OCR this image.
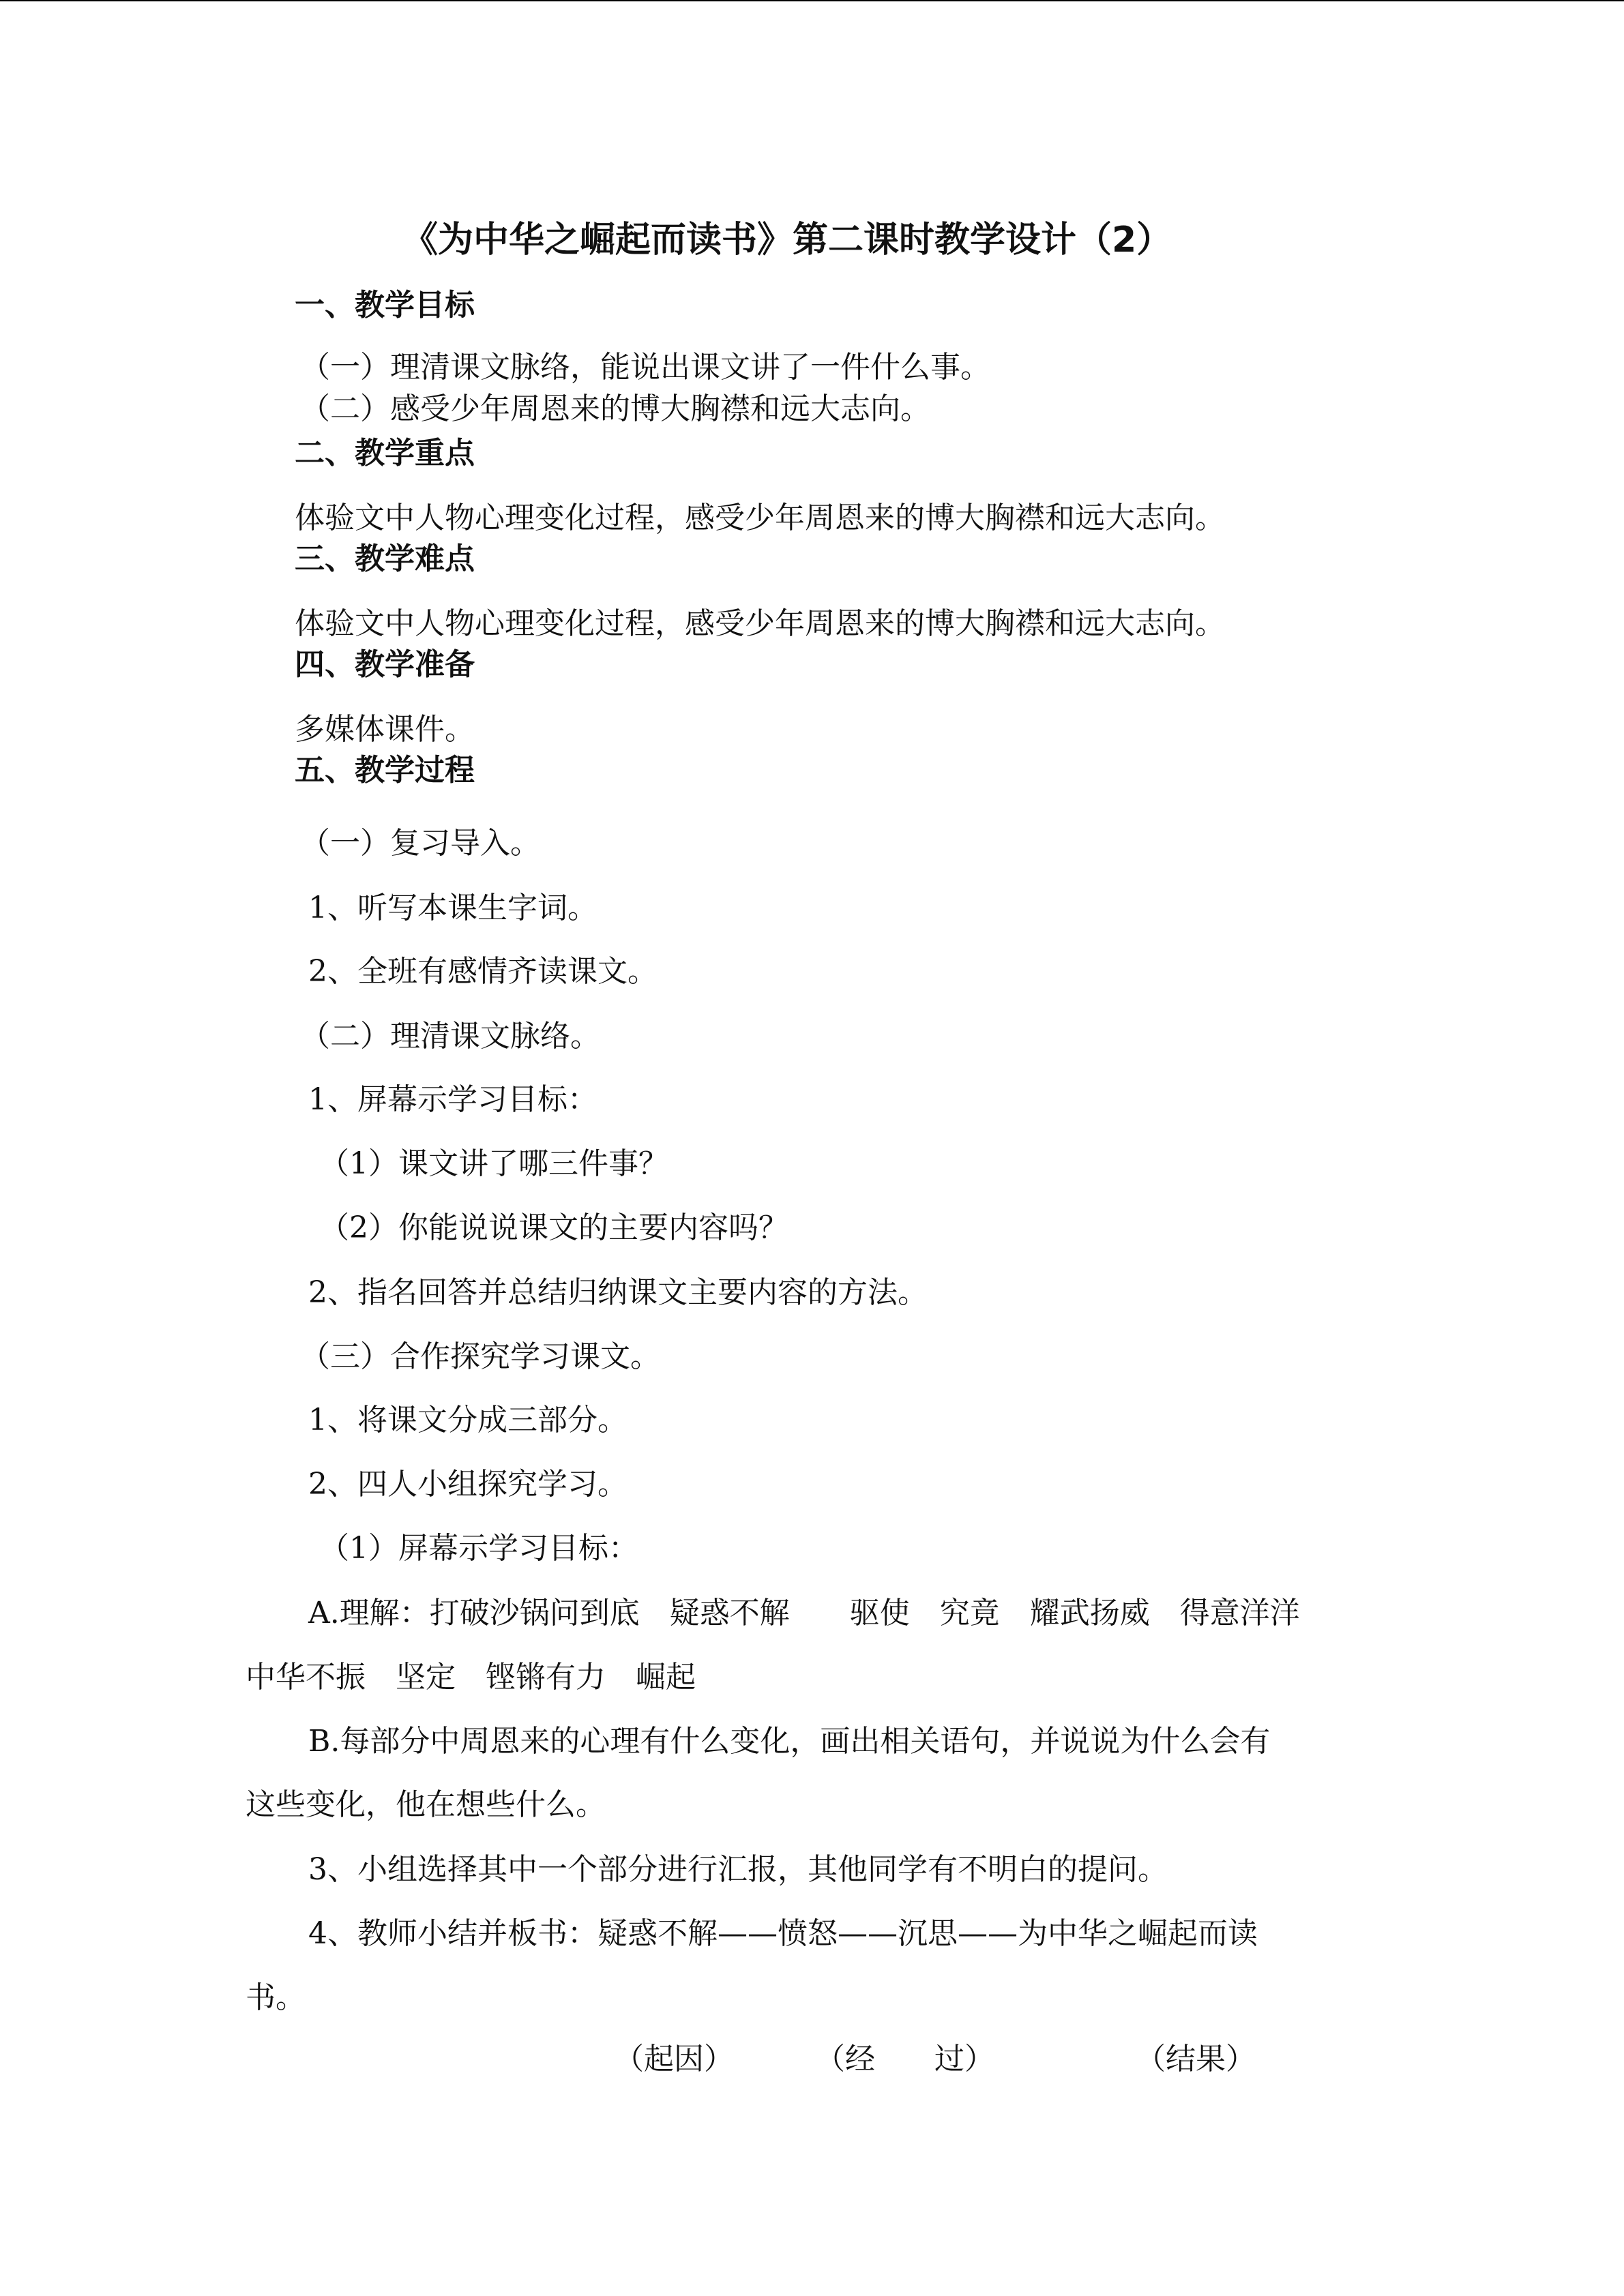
《为中华之崛起而读书》第二课时教学设计（2）
一、教学目标
（一）理清课文脉络，能说出课文讲了一件什么事。
（二）感受少年周恩来的博大胸襟和远大志向。
二、教学重点
体验文中人物心理变化过程，感受少年周恩来的博大胸襟和远大志向。
三、教学难点
体验文中人物心理变化过程，感受少年周恩来的博大胸襟和远大志向。
四、教学准备
多媒体课件。
五、教学过程
（一）复习导入。
1、听写本课生字词。
2、全班有感情齐读课文。
（二）理清课文脉络。
1、屏幕示学习目标：
（1）课文讲了哪三件事？
（2）你能说说课文的主要内容吗？
2、指名回答并总结归纳课文主要内容的方法。
（三）合作探究学习课文。
1、将课文分成三部分。
2、四人小组探究学习。
（1）屏幕示学习目标：
A.理解：打破沙锅问到底　疑惑不解　　驱使　究竟　耀武扬威　得意洋洋
中华不振　坚定　铿锵有力　崛起
B.每部分中周恩来的心理有什么变化，画出相关语句，并说说为什么会有
这些变化，他在想些什么。
3、小组选择其中一个部分进行汇报，其他同学有不明白的提问。
4、教师小结并板书：疑惑不解——愤怒——沉思——为中华之崛起而读
书。
（起因）	（经 过）	（结果）
